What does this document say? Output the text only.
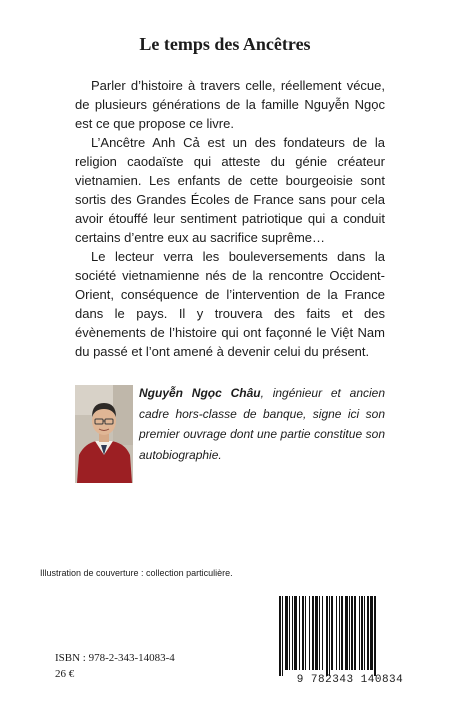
Le temps des Ancêtres

Parler d’histoire à travers celle, réellement vécue, de plusieurs générations de la famille Nguyễn Ngọc est ce que propose ce livre.

L’Ancêtre Anh Cả est un des fondateurs de la religion caodaïste qui atteste du génie créateur vietnamien. Les enfants de cette bourgeoisie sont sortis des Grandes Écoles de France sans pour cela avoir étouffé leur sentiment patriotique qui a conduit certains d’entre eux au sacrifice suprême…

Le lecteur verra les bouleversements dans la société vietnamienne nés de la rencontre Occident-Orient, conséquence de l’intervention de la France dans le pays. Il y trouvera des faits et des évènements de l’histoire qui ont façonné le Việt Nam du passé et l’ont amené à devenir celui du présent.

Nguyễn Ngọc Châu, ingénieur et ancien cadre hors-classe de banque, signe ici son premier ouvrage dont une partie constitue son autobiographie.

Illustration de couverture : collection particulière.
ISBN : 978-2-343-14083-4
26 €	9 782343 140834
